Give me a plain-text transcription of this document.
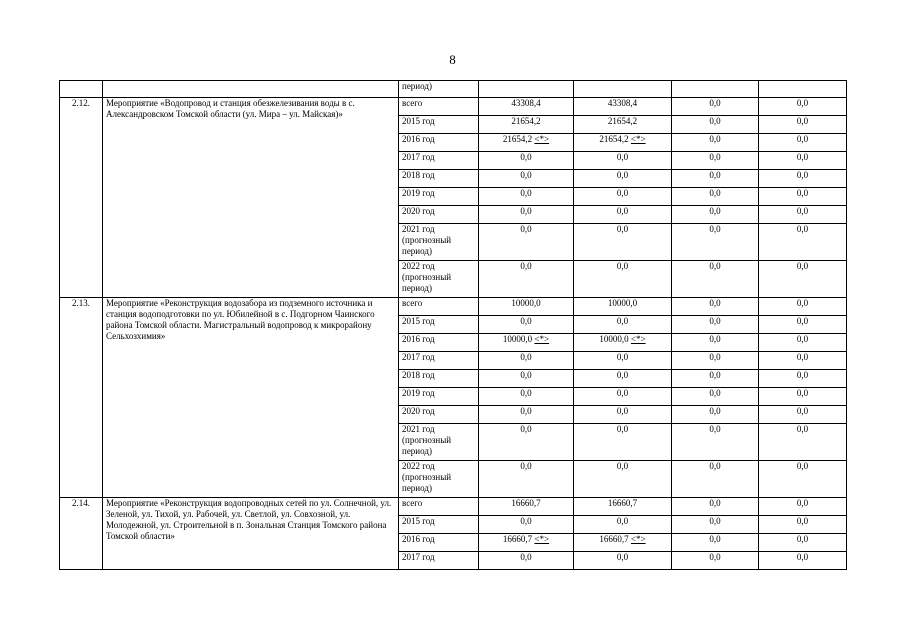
8
		период)				
2.12.	Мероприятие «Водопровод и станция обезжелезивания воды в с. Александровском Томской области (ул. Мира – ул. Майская)»	всего	43308,4	43308,4	0,0	0,0
		2015 год	21654,2	21654,2	0,0	0,0
		2016 год	21654,2 <*>	21654,2 <*>	0,0	0,0
		2017 год	0,0	0,0	0,0	0,0
		2018 год	0,0	0,0	0,0	0,0
		2019 год	0,0	0,0	0,0	0,0
		2020 год	0,0	0,0	0,0	0,0
		2021 год (прогнозный период)	0,0	0,0	0,0	0,0
		2022 год (прогнозный период)	0,0	0,0	0,0	0,0
2.13.	Мероприятие «Реконструкция водозабора из подземного источника и станция водоподготовки по ул. Юбилейной в с. Подгорном Чаинского района Томской области. Магистральный водопровод к микрорайону Сельхозхимия»	всего	10000,0	10000,0	0,0	0,0
		2015 год	0,0	0,0	0,0	0,0
		2016 год	10000,0 <*>	10000,0 <*>	0,0	0,0
		2017 год	0,0	0,0	0,0	0,0
		2018 год	0,0	0,0	0,0	0,0
		2019 год	0,0	0,0	0,0	0,0
		2020 год	0,0	0,0	0,0	0,0
		2021 год (прогнозный период)	0,0	0,0	0,0	0,0
		2022 год (прогнозный период)	0,0	0,0	0,0	0,0
2.14.	Мероприятие «Реконструкция водопроводных сетей по ул. Солнечной, ул. Зеленой, ул. Тихой, ул. Рабочей, ул. Светлой, ул. Совхозной, ул. Молодежной, ул. Строительной в п. Зональная Станция Томского района Томской области»	всего	16660,7	16660,7	0,0	0,0
		2015 год	0,0	0,0	0,0	0,0
		2016 год	16660,7 <*>	16660,7 <*>	0,0	0,0
		2017 год	0,0	0,0	0,0	0,0
